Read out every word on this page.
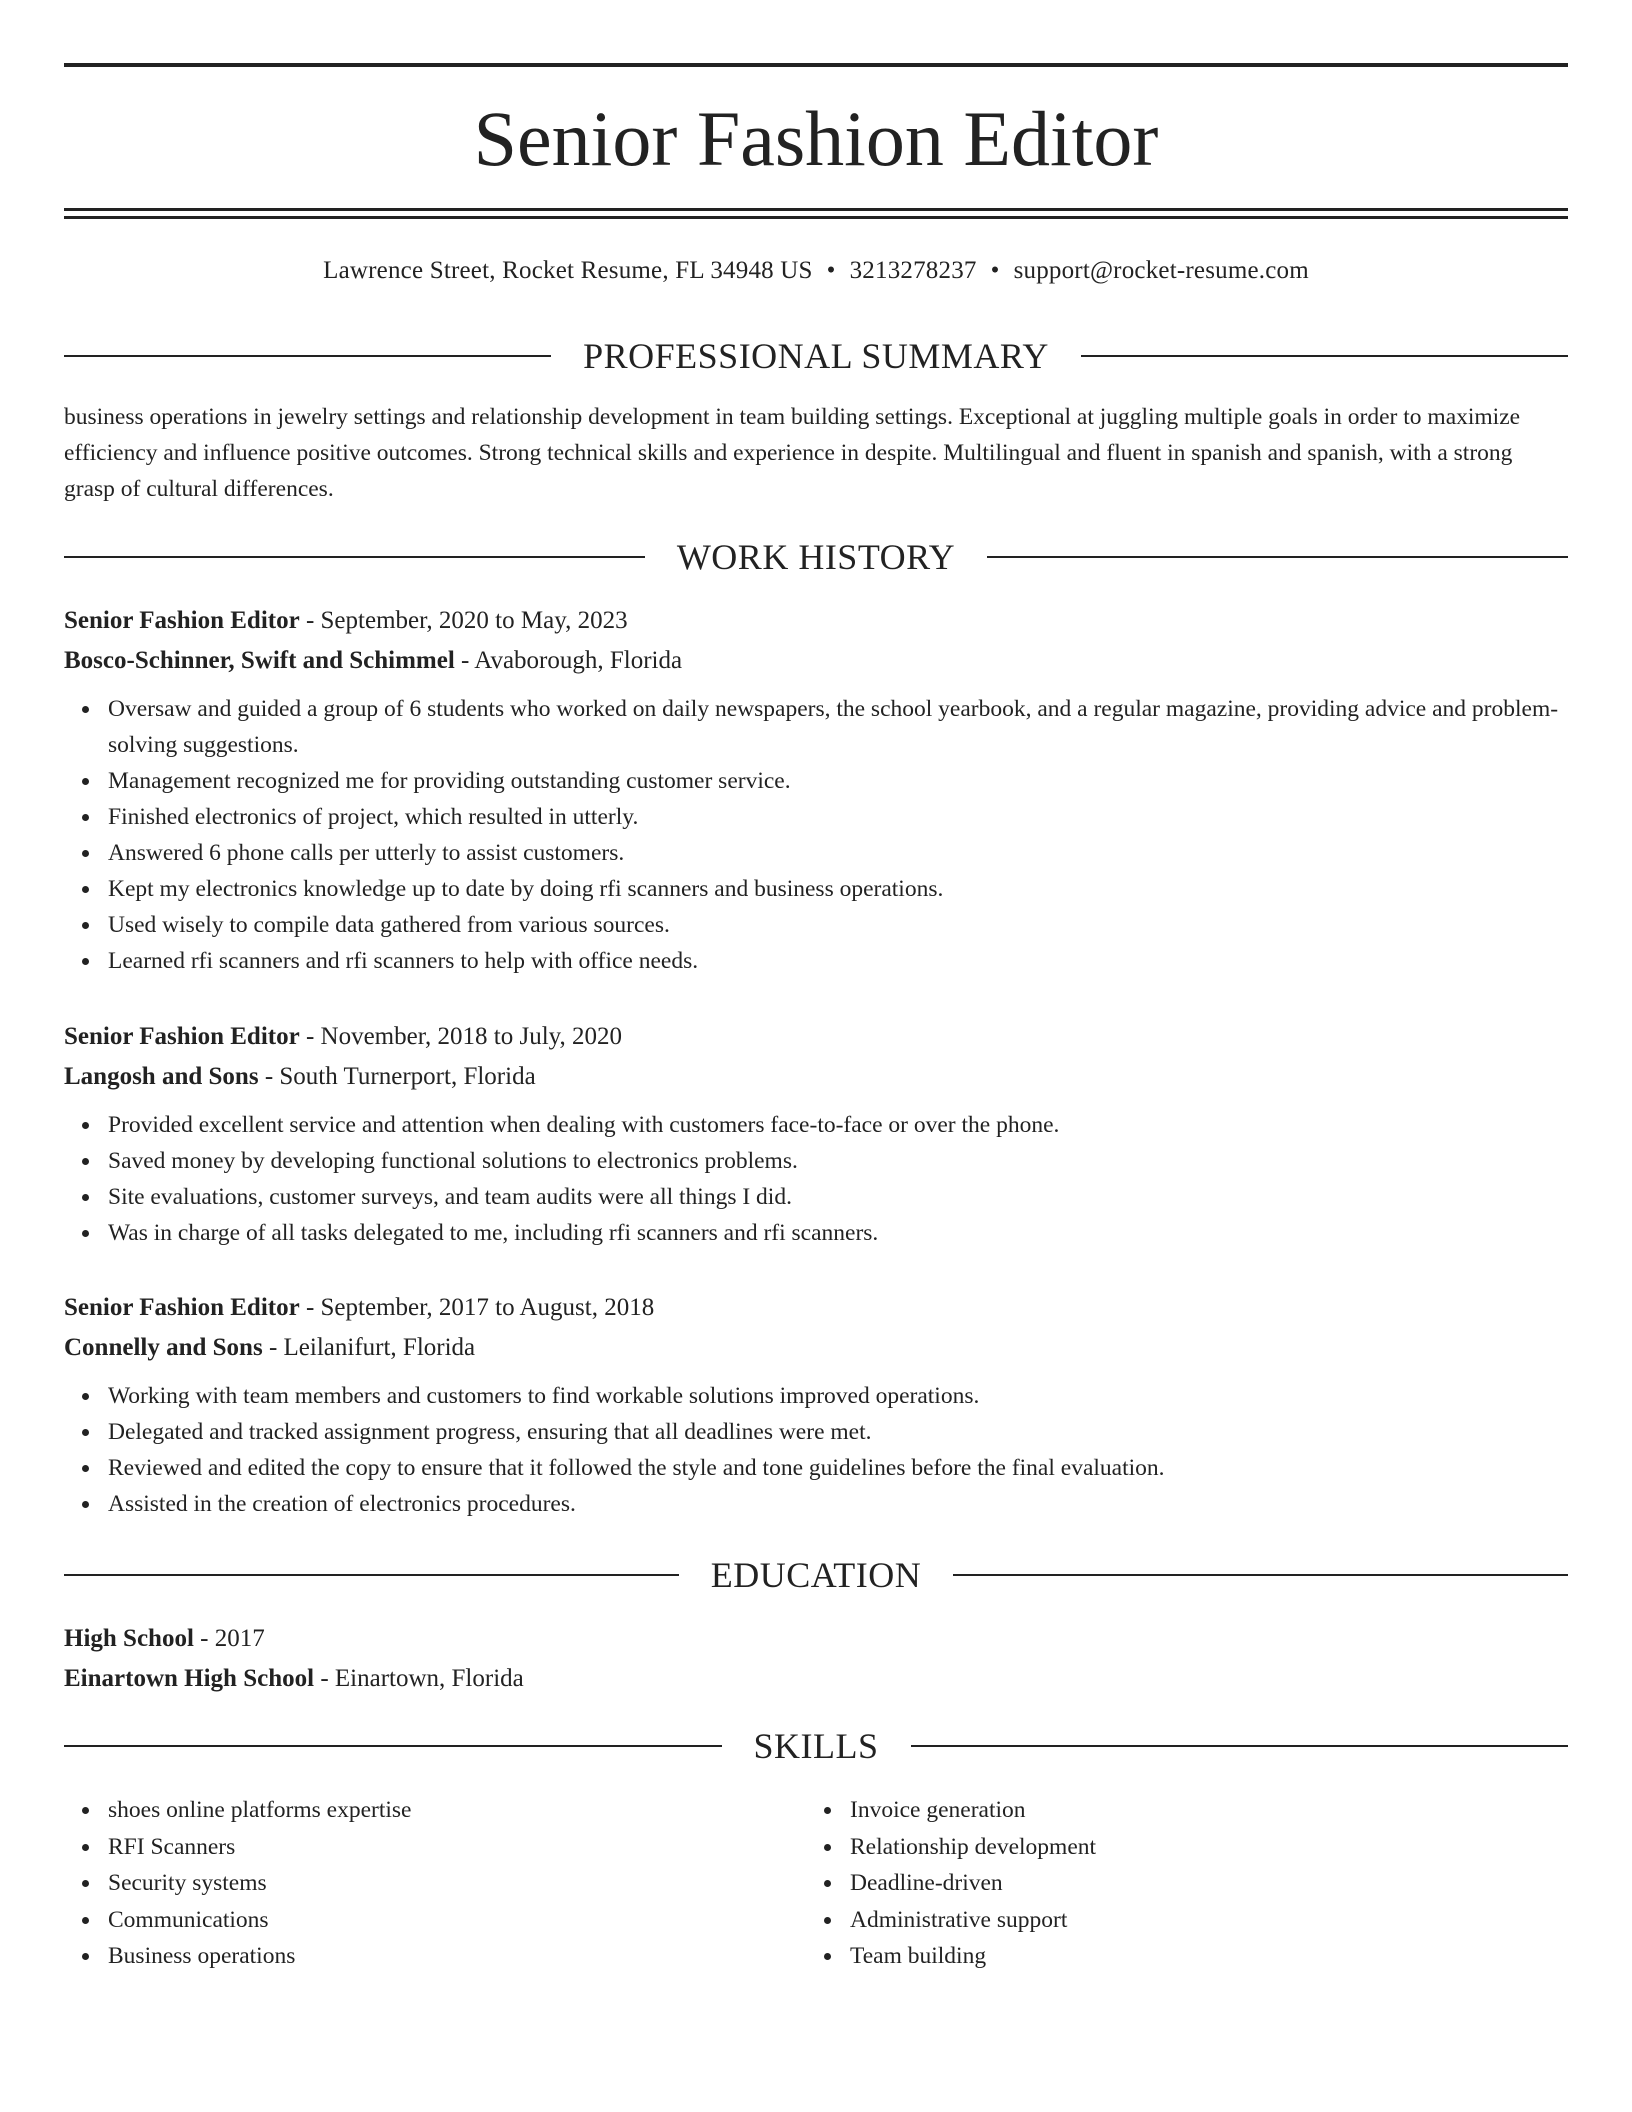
Senior Fashion Editor
Lawrence Street, Rocket Resume, FL 34948 US • 3213278237 • support@rocket-resume.com
PROFESSIONAL SUMMARY

business operations in jewelry settings and relationship development in team building settings. Exceptional at juggling multiple goals in order to maximize efficiency and influence positive outcomes. Strong technical skills and experience in despite. Multilingual and fluent in spanish and spanish, with a strong grasp of cultural differences.

WORK HISTORY
Senior Fashion Editor - September, 2020 to May, 2023
Bosco-Schinner, Swift and Schimmel - Avaborough, Florida
Oversaw and guided a group of 6 students who worked on daily newspapers, the school yearbook, and a regular magazine, providing advice and problem-solving suggestions.
Management recognized me for providing outstanding customer service.
Finished electronics of project, which resulted in utterly.
Answered 6 phone calls per utterly to assist customers.
Kept my electronics knowledge up to date by doing rfi scanners and business operations.
Used wisely to compile data gathered from various sources.
Learned rfi scanners and rfi scanners to help with office needs.
Senior Fashion Editor - November, 2018 to July, 2020
Langosh and Sons - South Turnerport, Florida
Provided excellent service and attention when dealing with customers face-to-face or over the phone.
Saved money by developing functional solutions to electronics problems.
Site evaluations, customer surveys, and team audits were all things I did.
Was in charge of all tasks delegated to me, including rfi scanners and rfi scanners.
Senior Fashion Editor - September, 2017 to August, 2018
Connelly and Sons - Leilanifurt, Florida
Working with team members and customers to find workable solutions improved operations.
Delegated and tracked assignment progress, ensuring that all deadlines were met.
Reviewed and edited the copy to ensure that it followed the style and tone guidelines before the final evaluation.
Assisted in the creation of electronics procedures.
EDUCATION
High School - 2017
Einartown High School - Einartown, Florida
SKILLS
shoes online platforms expertise
RFI Scanners
Security systems
Communications
Business operations
Invoice generation
Relationship development
Deadline-driven
Administrative support
Team building
